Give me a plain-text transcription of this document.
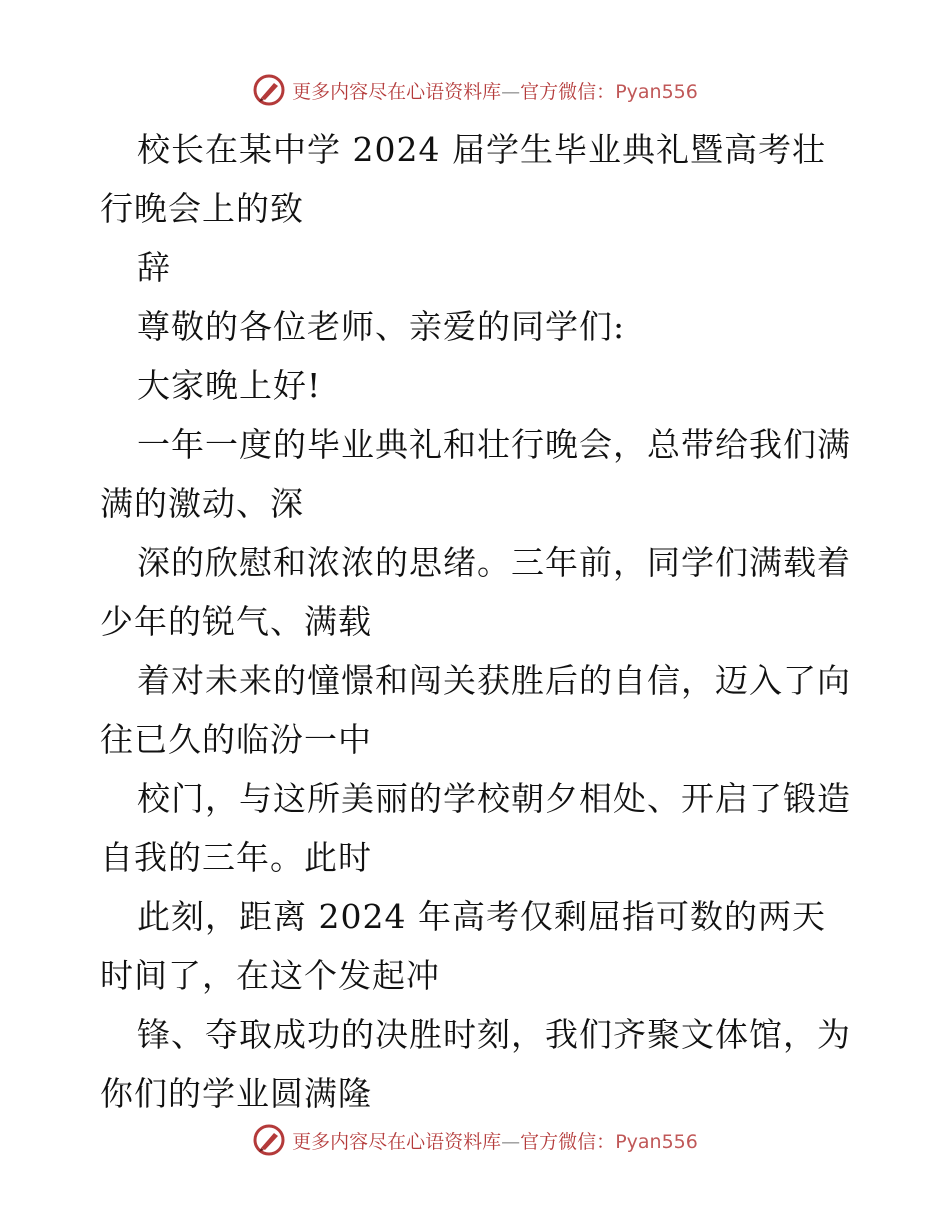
更多内容尽在心语资料库—官方微信：Pyan556

校长在某中学 2024 届学生毕业典礼暨高考壮行晚会上的致

辞

尊敬的各位老师、亲爱的同学们:

大家晚上好!

一年一度的毕业典礼和壮行晚会，总带给我们满满的激动、深

深的欣慰和浓浓的思绪。三年前，同学们满载着少年的锐气、满载

着对未来的憧憬和闯关获胜后的自信，迈入了向往已久的临汾一中

校门，与这所美丽的学校朝夕相处、开启了锻造自我的三年。此时

此刻，距离 2024 年高考仅剩屈指可数的两天时间了，在这个发起冲

锋、夺取成功的决胜时刻，我们齐聚文体馆，为你们的学业圆满隆

更多内容尽在心语资料库—官方微信：Pyan556
